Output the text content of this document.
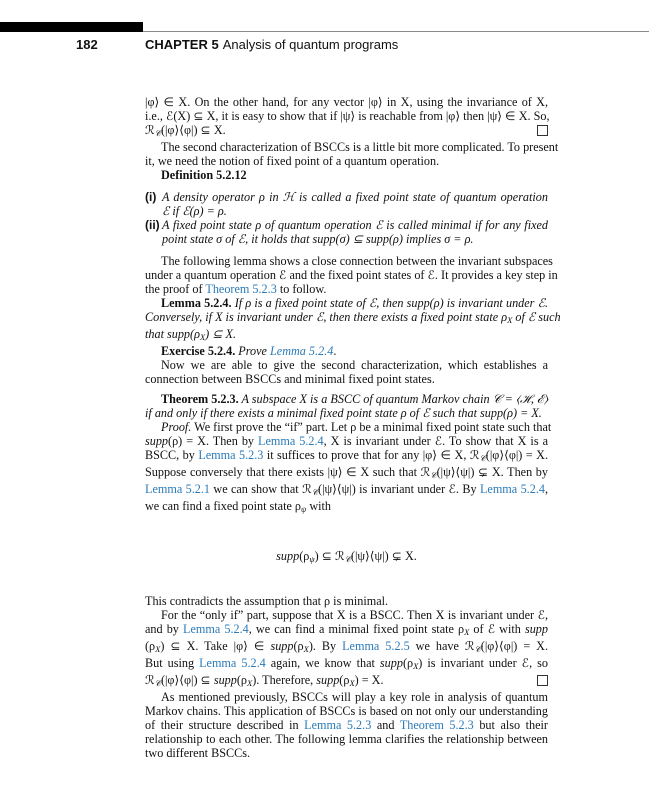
182	CHAPTER 5 Analysis of quantum programs
|φ⟩ ∈ X. On the other hand, for any vector |φ⟩ in X, using the invariance of X,
i.e., ℰ(X) ⊆ X, it is easy to show that if |ψ⟩ is reachable from |φ⟩ then |ψ⟩ ∈ X. So,
ℛ𝒞(|φ⟩⟨φ|) ⊆ X.
The second characterization of BSCCs is a little bit more complicated. To present
it, we need the notion of fixed point of a quantum operation.
Definition 5.2.12
(i) A density operator ρ in ℋ is called a fixed point state of quantum operation
ℰ if ℰ(ρ) = ρ.
(ii) A fixed point state ρ of quantum operation ℰ is called minimal if for any fixed
point state σ of ℰ, it holds that supp(σ) ⊆ supp(ρ) implies σ = ρ.
The following lemma shows a close connection between the invariant subspaces
under a quantum operation ℰ and the fixed point states of ℰ. It provides a key step in
the proof of Theorem 5.2.3 to follow.
Lemma 5.2.4. If ρ is a fixed point state of ℰ, then supp(ρ) is invariant under ℰ.
Conversely, if X is invariant under ℰ, then there exists a fixed point state ρX of ℰ such
that supp(ρX) ⊆ X.
Exercise 5.2.4. Prove Lemma 5.2.4.
Now we are able to give the second characterization, which establishes a
connection between BSCCs and minimal fixed point states.
Theorem 5.2.3. A subspace X is a BSCC of quantum Markov chain 𝒞 = ⟨ℋ, ℰ⟩
if and only if there exists a minimal fixed point state ρ of ℰ such that supp(ρ) = X.
Proof. We first prove the “if” part. Let ρ be a minimal fixed point state such that
supp(ρ) = X. Then by Lemma 5.2.4, X is invariant under ℰ. To show that X is a
BSCC, by Lemma 5.2.3 it suffices to prove that for any |φ⟩ ∈ X, ℛ𝒞(|φ⟩⟨φ|) = X.
Suppose conversely that there exists |ψ⟩ ∈ X such that ℛ𝒞(|ψ⟩⟨ψ|) ⊊ X. Then by
Lemma 5.2.1 we can show that ℛ𝒞(|ψ⟩⟨ψ|) is invariant under ℰ. By Lemma 5.2.4,
we can find a fixed point state ρψ with
supp(ρψ) ⊆ ℛ𝒞(|ψ⟩⟨ψ|) ⊊ X.
This contradicts the assumption that ρ is minimal.
For the “only if” part, suppose that X is a BSCC. Then X is invariant under ℰ,
and by Lemma 5.2.4, we can find a minimal fixed point state ρX of ℰ with supp
(ρX) ⊆ X. Take |φ⟩ ∈ supp(ρX). By Lemma 5.2.5 we have ℛ𝒞(|φ⟩⟨φ|) = X.
But using Lemma 5.2.4 again, we know that supp(ρX) is invariant under ℰ, so
ℛ𝒞(|φ⟩⟨φ|) ⊆ supp(ρX). Therefore, supp(ρX) = X.
As mentioned previously, BSCCs will play a key role in analysis of quantum
Markov chains. This application of BSCCs is based on not only our understanding
of their structure described in Lemma 5.2.3 and Theorem 5.2.3 but also their
relationship to each other. The following lemma clarifies the relationship between
two different BSCCs.
